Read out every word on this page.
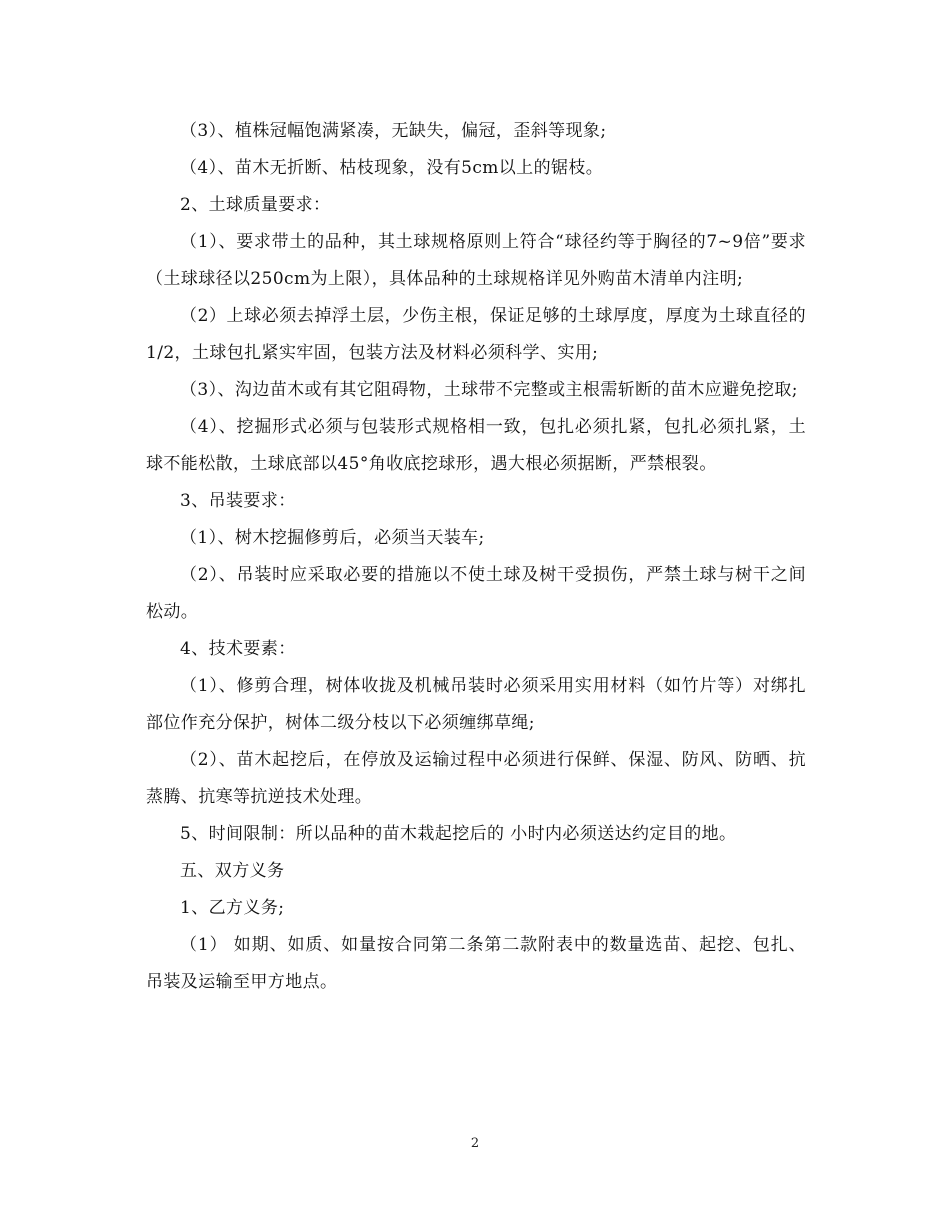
（3）、植株冠幅饱满紧凑，无缺失，偏冠，歪斜等现象;

（4）、苗木无折断、枯枝现象，没有5cm以上的锯枝。

2、土球质量要求：

（1）、要求带土的品种，其土球规格原则上符合“球径约等于胸径的7~9倍”要求（土球球径以250cm为上限），具体品种的土球规格详见外购苗木清单内注明;

（2）上球必须去掉浮土层，少伤主根，保证足够的土球厚度，厚度为土球直径的1/2，土球包扎紧实牢固，包装方法及材料必须科学、实用;

（3）、沟边苗木或有其它阻碍物，土球带不完整或主根需斩断的苗木应避免挖取;

（4）、挖掘形式必须与包装形式规格相一致，包扎必须扎紧，包扎必须扎紧，土球不能松散，土球底部以45°角收底挖球形，遇大根必须据断，严禁根裂。

3、吊装要求：

（1）、树木挖掘修剪后，必须当天装车;

（2）、吊装时应采取必要的措施以不使土球及树干受损伤，严禁土球与树干之间松动。

4、技术要素：

（1）、修剪合理，树体收拢及机械吊装时必须采用实用材料（如竹片等）对绑扎部位作充分保护，树体二级分枝以下必须缠绑草绳;

（2）、苗木起挖后，在停放及运输过程中必须进行保鲜、保湿、防风、防晒、抗蒸腾、抗寒等抗逆技术处理。

5、时间限制：所以品种的苗木栽起挖后的 小时内必须送达约定目的地。

五、双方义务

1、乙方义务;

（1） 如期、如质、如量按合同第二条第二款附表中的数量选苗、起挖、包扎、吊装及运输至甲方地点。

2
